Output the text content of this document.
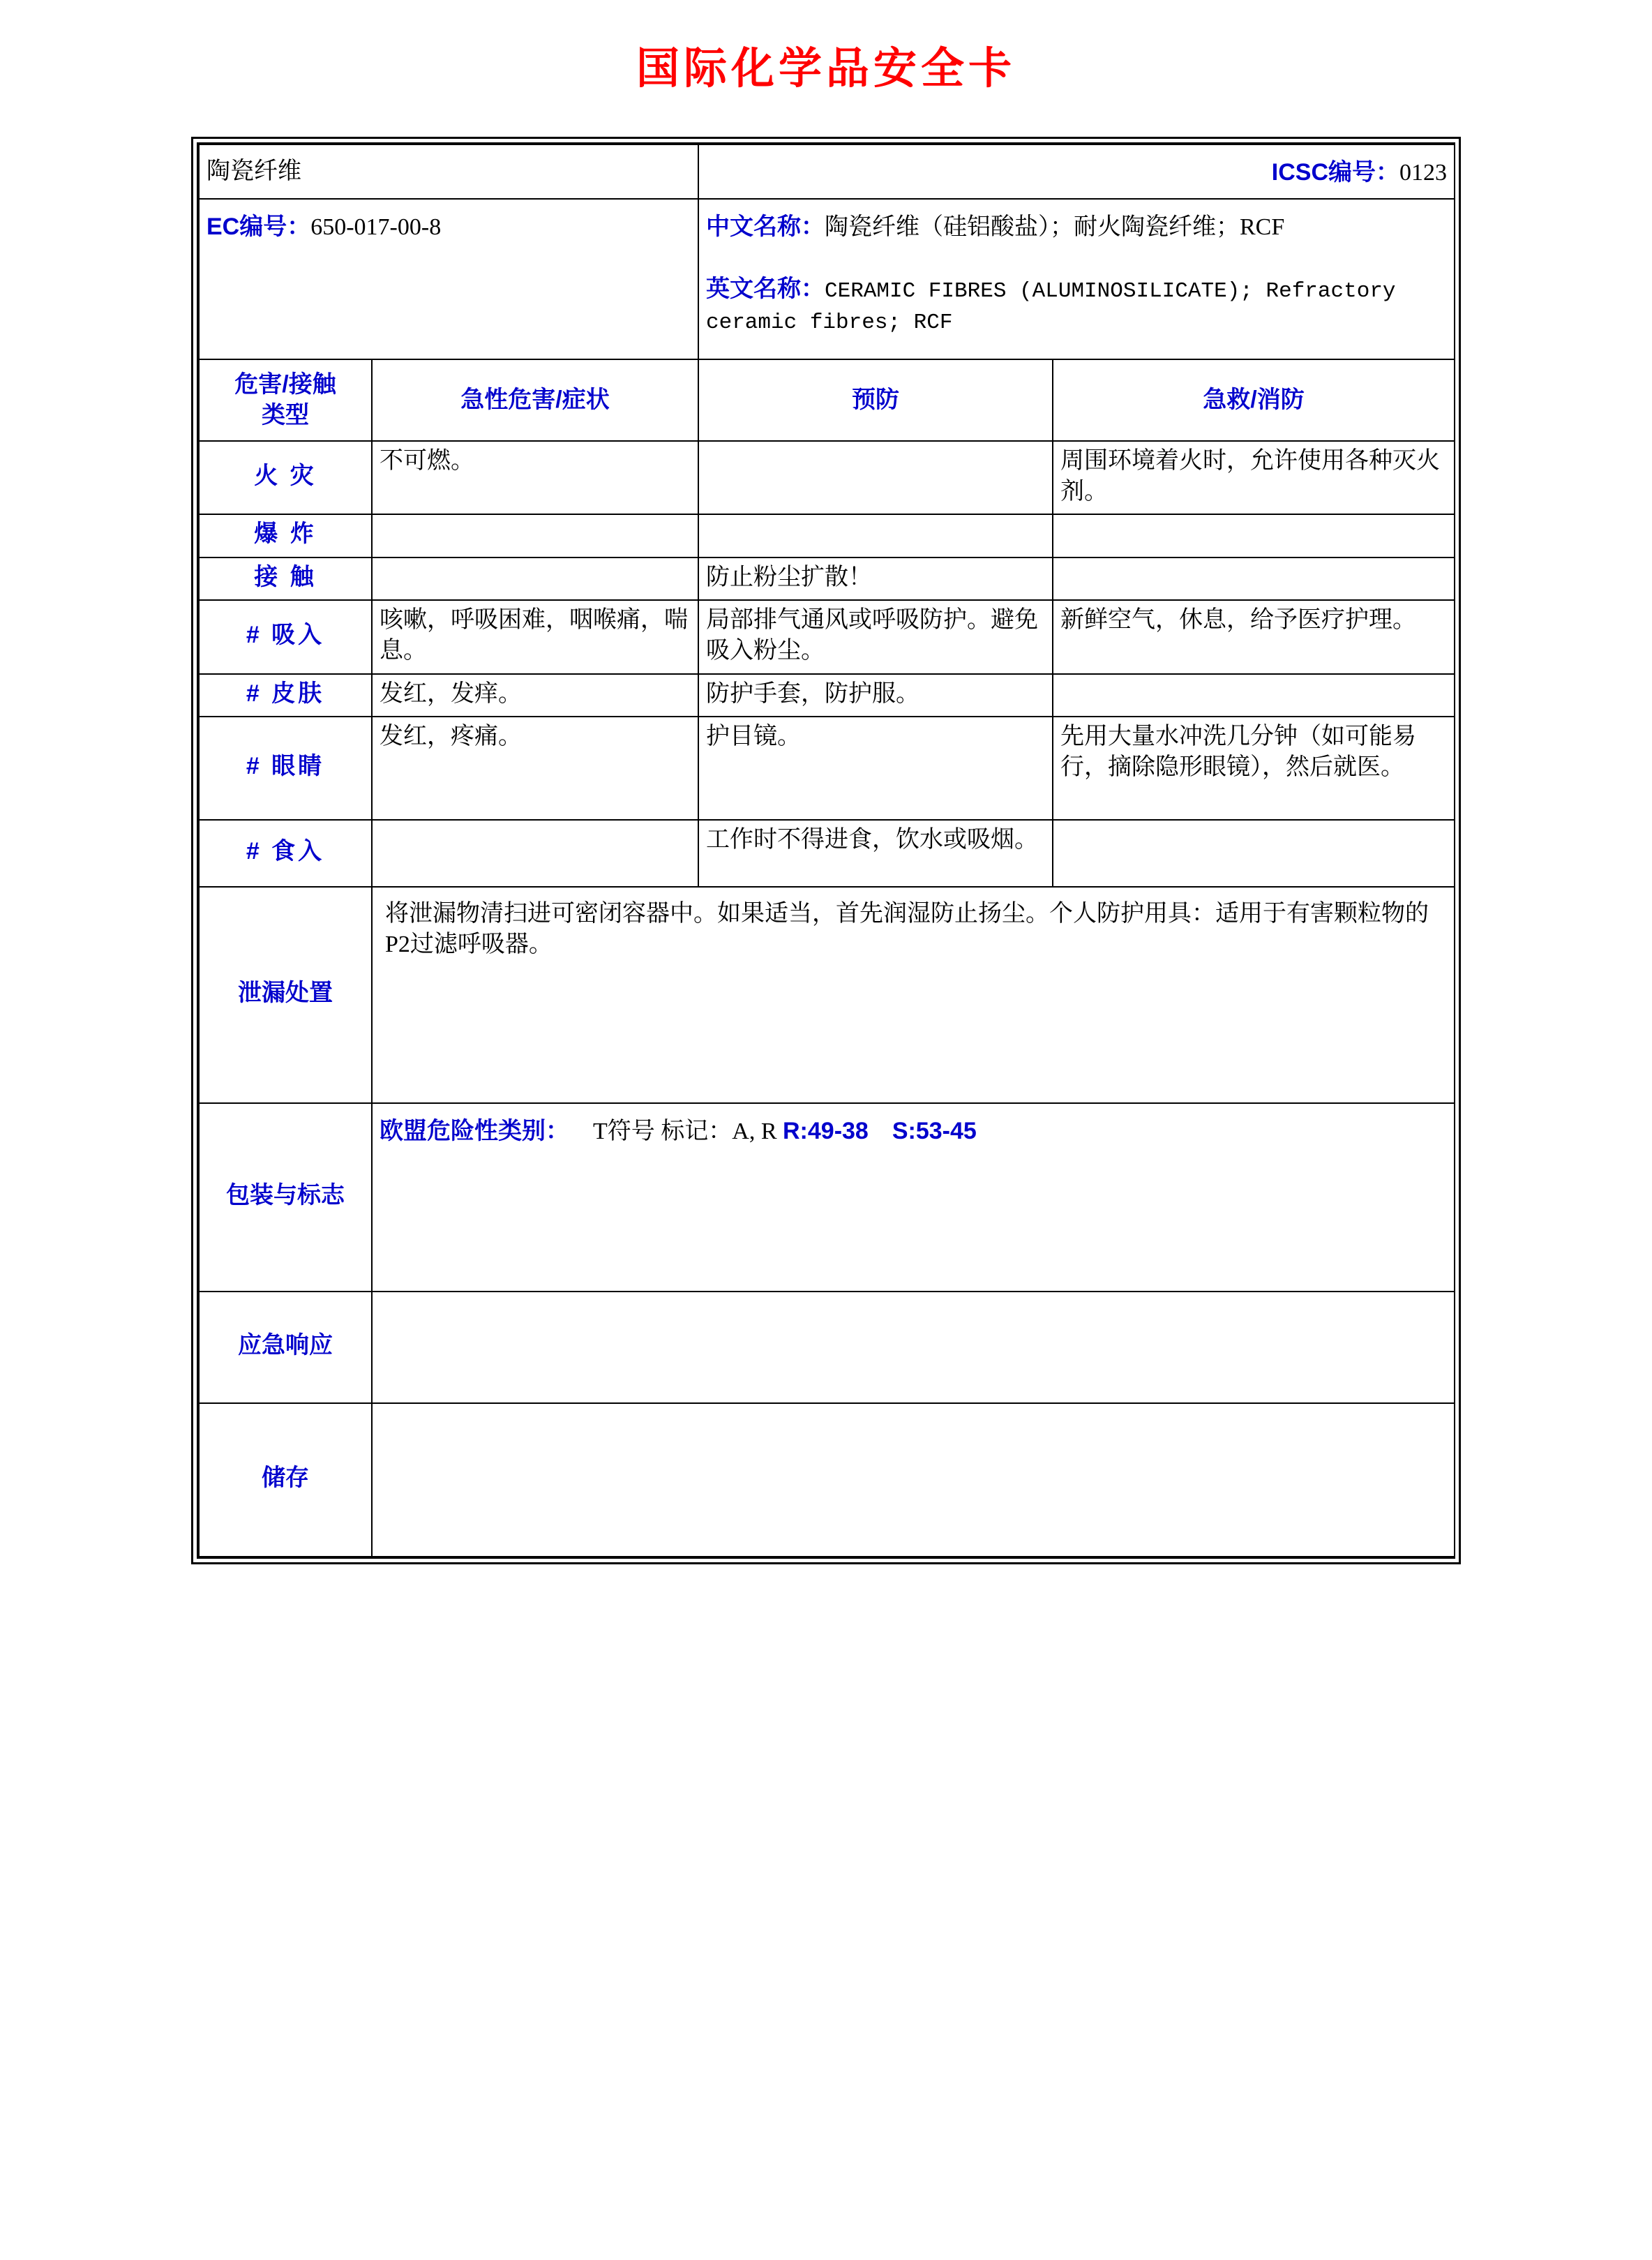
国际化学品安全卡
陶瓷纤维		ICSC编号：0123	
EC编号：650-017-00-8		中文名称：陶瓷纤维（硅铝酸盐）；耐火陶瓷纤维；RCF
英文名称：CERAMIC FIBRES (ALUMINOSILICATE); Refractory ceramic fibres; RCF	

危害/接触
类型	急性危害/症状	预防	急救/消防
火 灾	不可燃。		周围环境着火时，允许使用各种灭火剂。
爆 炸			
接 触		防止粉尘扩散！	
# 吸入	咳嗽，呼吸困难，咽喉痛，喘息。	局部排气通风或呼吸防护。避免吸入粉尘。	新鲜空气，休息，给予医疗护理。
# 皮肤	发红，发痒。	防护手套，防护服。	
# 眼睛	发红，疼痛。	护目镜。	先用大量水冲洗几分钟（如可能易行，摘除隐形眼镜），然后就医。
# 食入		工作时不得进食，饮水或吸烟。	
泄漏处置	将泄漏物清扫进可密闭容器中。如果适当，首先润湿防止扬尘。个人防护用具：适用于有害颗粒物的P2过滤呼吸器。		
包装与标志	欧盟危险性类别： T符号 标记：A, R R:49-38 S:53-45		
应急响应			
储存			
